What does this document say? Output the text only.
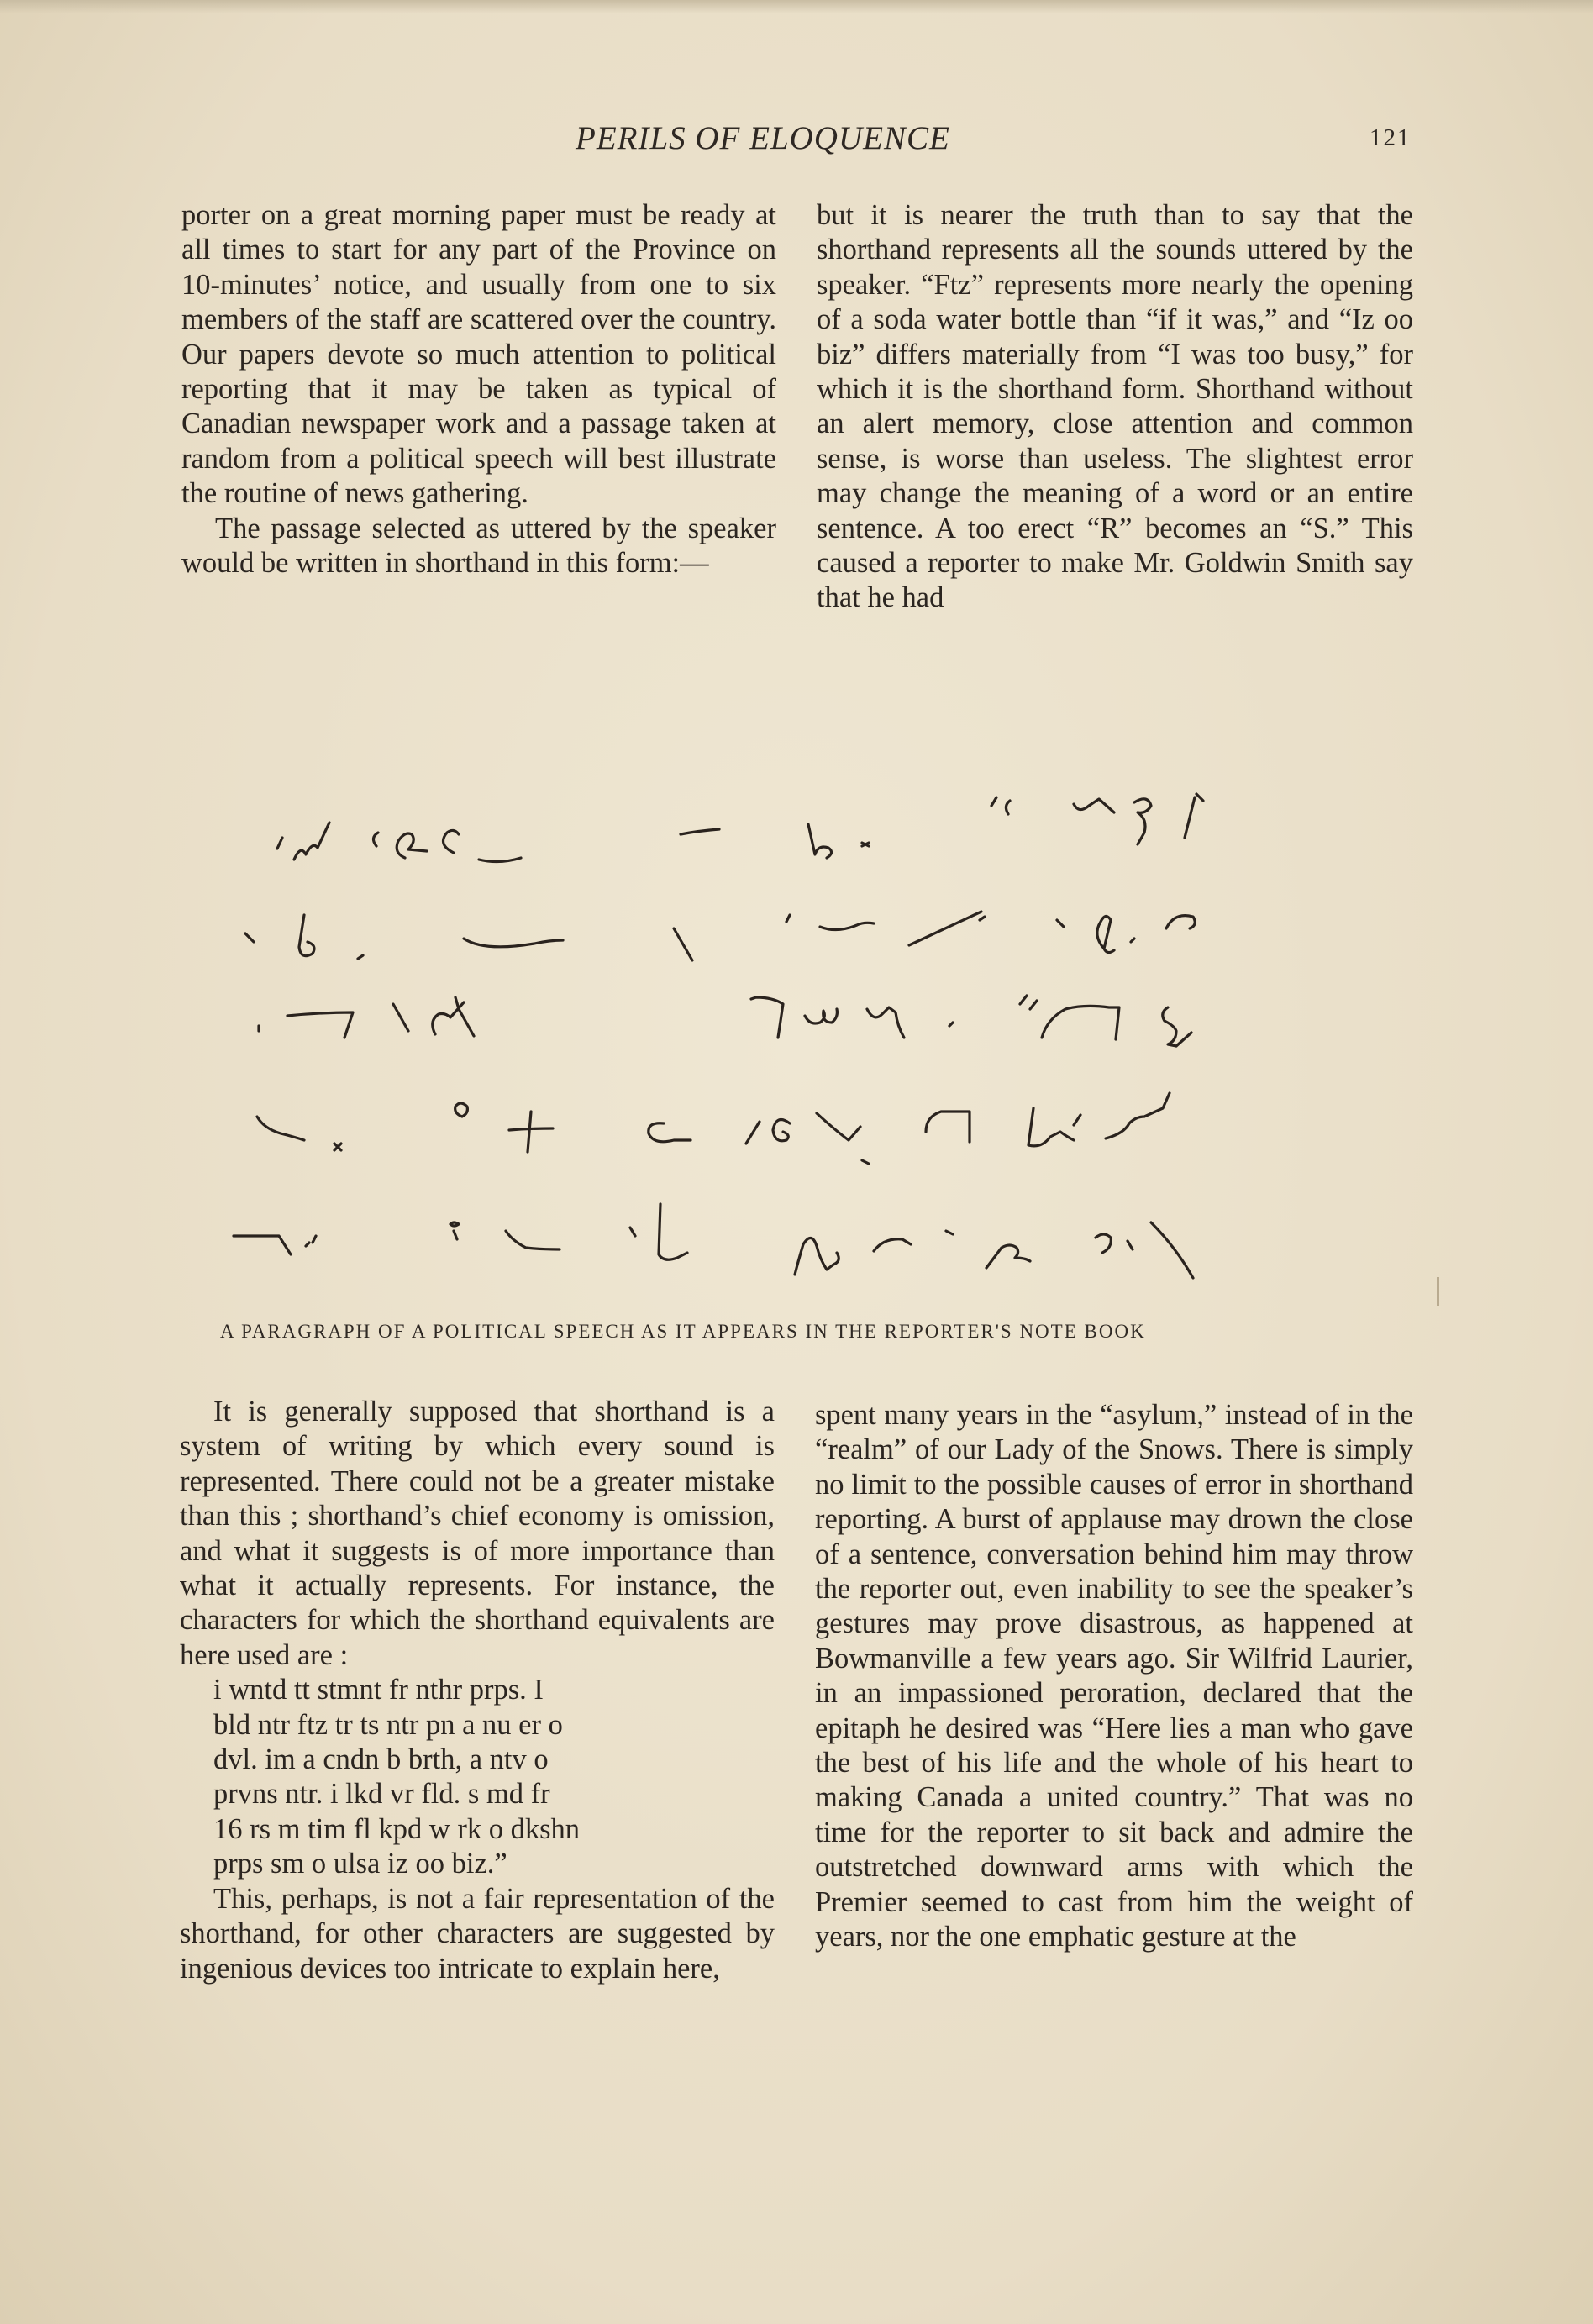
PERILS OF ELOQUENCE	121

porter on a great morning paper must be ready at all times to start for any part of the Province on 10-minutes’ notice, and usually from one to six members of the staff are scattered over the country. Our papers devote so much attention to political reporting that it may be taken as typical of Canadian newspaper work and a passage taken at random from a political speech will best illustrate the routine of news gathering.

The passage selected as uttered by the speaker would be written in shorthand in this form:—

but it is nearer the truth than to say that the shorthand represents all the sounds uttered by the speaker. “Ftz” represents more nearly the opening of a soda water bottle than “if it was,” and “Iz oo biz” differs materially from “I was too busy,” for which it is the shorthand form. Shorthand without an alert memory, close attention and common sense, is worse than useless. The slightest error may change the meaning of a word or an entire sentence. A too erect “R” becomes an “S.” This caused a reporter to make Mr. Goldwin Smith say that he had

A PARAGRAPH OF A POLITICAL SPEECH AS IT APPEARS IN THE REPORTER'S NOTE BOOK

It is generally supposed that shorthand is a system of writing by which every sound is represented. There could not be a greater mistake than this ; shorthand’s chief economy is omission, and what it suggests is of more importance than what it actually represents. For instance, the characters for which the shorthand equivalents are here used are :

i wntd tt stmnt fr nthr prps. I
bld ntr ftz tr ts ntr pn a nu er o
dvl. im a cndn b brth, a ntv o
prvns ntr. i lkd vr fld. s md fr
16 rs m tim fl kpd w rk o dkshn
prps sm o ulsa iz oo biz.”

This, perhaps, is not a fair representation of the shorthand, for other characters are suggested by ingenious devices too intricate to explain here,

spent many years in the “asylum,” instead of in the “realm” of our Lady of the Snows. There is simply no limit to the possible causes of error in shorthand reporting. A burst of applause may drown the close of a sentence, conversation behind him may throw the reporter out, even inability to see the speaker’s gestures may prove disastrous, as happened at Bowmanville a few years ago. Sir Wilfrid Laurier, in an impassioned peroration, declared that the epitaph he desired was “Here lies a man who gave the best of his life and the whole of his heart to making Canada a united country.” That was no time for the reporter to sit back and admire the outstretched downward arms with which the Premier seemed to cast from him the weight of years, nor the one emphatic gesture at the
